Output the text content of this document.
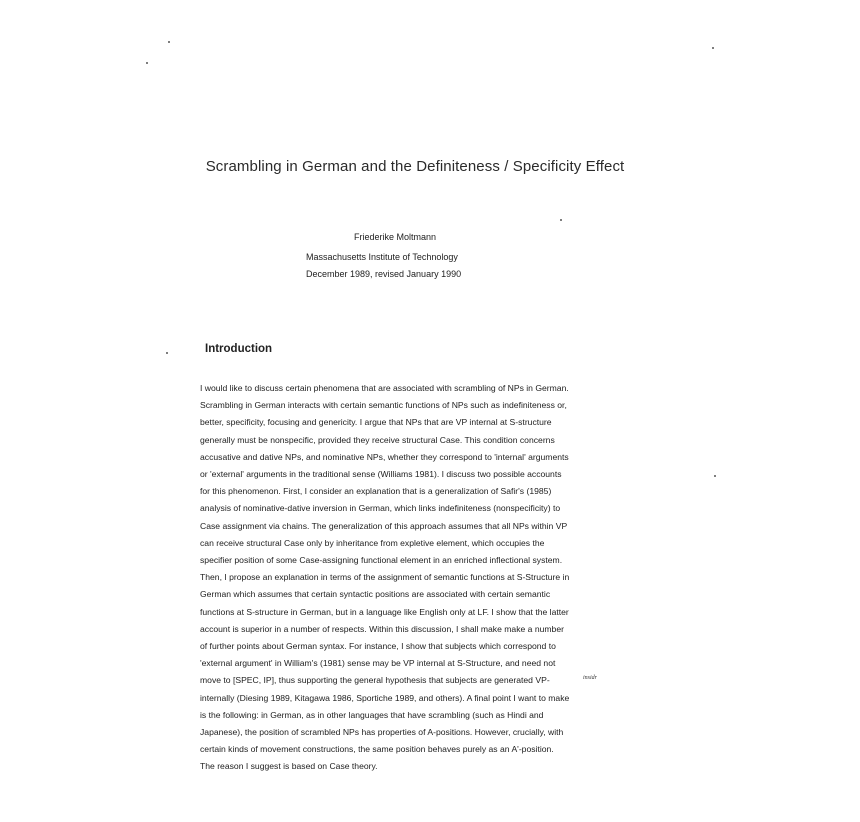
Scrambling in German and the Definiteness / Specificity Effect
Friederike Moltmann
Massachusetts Institute of Technology
December 1989, revised January 1990
Introduction

I would like to discuss certain phenomena that are associated with scrambling of NPs in German.
Scrambling in German interacts with certain semantic functions of NPs such as indefiniteness or,
better, specificity, focusing and genericity. I argue that NPs that are VP internal at S-structure
generally must be nonspecific, provided they receive structural Case. This condition concerns
accusative and dative NPs, and nominative NPs, whether they correspond to 'internal' arguments
or 'external' arguments in the traditional sense (Williams 1981). I discuss two possible accounts
for this phenomenon. First, I consider an explanation that is a generalization of Safir's (1985)
analysis of nominative-dative inversion in German, which links indefiniteness (nonspecificity) to
Case assignment via chains. The generalization of this approach assumes that all NPs within VP
can receive structural Case only by inheritance from expletive element, which occupies the
specifier position of some Case-assigning functional element in an enriched inflectional system.
Then, I propose an explanation in terms of the assignment of semantic functions at S-Structure in
German which assumes that certain syntactic positions are associated with certain semantic
functions at S-structure in German, but in a language like English only at LF. I show that the latter
account is superior in a number of respects. Within this discussion, I shall make make a number
of further points about German syntax. For instance, I show that subjects which correspond to
'external argument' in William's (1981) sense may be VP internal at S-Structure, and need not
move to [SPEC, IP], thus supporting the general hypothesis that subjects are generated VP-
internally (Diesing 1989, Kitagawa 1986, Sportiche 1989, and others). A final point I want to make
is the following: in German, as in other languages that have scrambling (such as Hindi and
Japanese), the position of scrambled NPs has properties of A-positions. However, crucially, with
certain kinds of movement constructions, the same position behaves purely as an A'-position.
The reason I suggest is based on Case theory.

insidr
